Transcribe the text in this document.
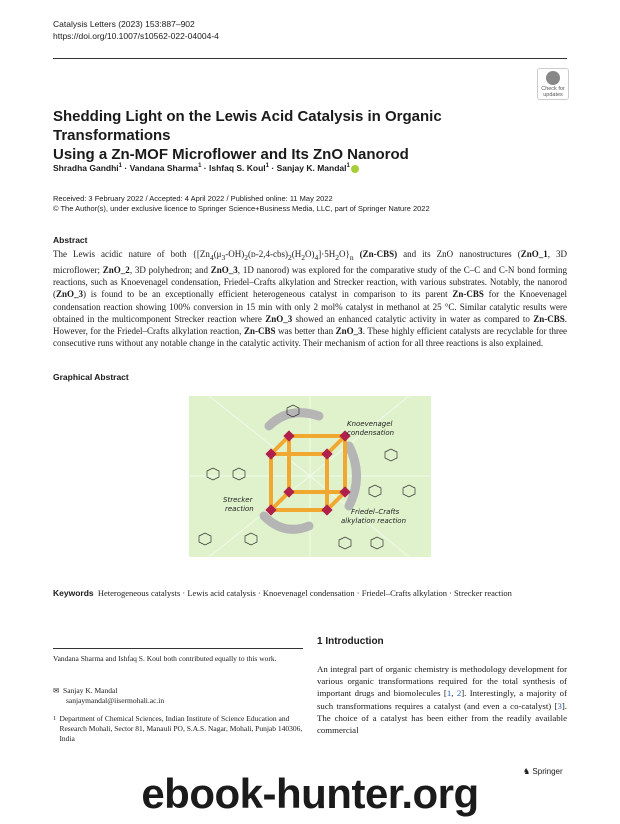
Catalysis Letters (2023) 153:887–902
https://doi.org/10.1007/s10562-022-04004-4
Check for
updates
Shedding Light on the Lewis Acid Catalysis in Organic Transformations
Using a Zn-MOF Microflower and Its ZnO Nanorod
Shradha Gandhi$^1$ · Vandana Sharma$^1$ · Ishfaq S. Koul$^1$ · Sanjay K. Mandal$^1$
Received: 3 February 2022 / Accepted: 4 April 2022 / Published online: 11 May 2022
© The Author(s), under exclusive licence to Springer Science+Business Media, LLC, part of Springer Nature 2022
Abstract
The Lewis acidic nature of both $\{[Zn_4(\mu_3-OH)_2(ᴅ-2,4-cbs)_2(H_2O)_4]\cdot 5H_2O\}_n$ (Zn-CBS) and its ZnO nanostructures (ZnO_1, 3D microflower; ZnO_2, 3D polyhedron; and ZnO_3, 1D nanorod) was explored for the comparative study of the C–C and C-N bond forming reactions, such as Knoevenagel condensation, Friedel–Crafts alkylation and Strecker reaction, with various substrates. Notably, the nanorod (ZnO_3) is found to be an exceptionally efficient heterogeneous catalyst in comparison to its parent Zn-CBS for the Knoevenagel condensation reaction showing 100% conversion in 15 min with only 2 mol% catalyst in methanol at 25 °C. Similar catalytic results were obtained in the multicomponent Strecker reaction where ZnO_3 showed an enhanced catalytic activity in water as compared to Zn-CBS. However, for the Friedel–Crafts alkylation reaction, Zn-CBS was better than ZnO_3. These highly efficient catalysts are recyclable for three consecutive runs without any notable change in the catalytic activity. Their mechanism of action for all three reactions is also explained.
Graphical Abstract
Knoevenagel
condensation
Strecker
reaction	Friedel–Crafts
alkylation reaction
Keywords Heterogeneous catalysts · Lewis acid catalysis · Knoevenagel condensation · Friedel–Crafts alkylation · Strecker reaction
Vandana Sharma and Ishfaq S. Koul both contributed equally to this work.
✉ Sanjay K. Mandal
sanjaymandal@iisermohali.ac.in
1 Department of Chemical Sciences, Indian Institute of Science Education and Research Mohali, Sector 81, Manauli PO, S.A.S. Nagar, Mohali, Punjab 140306, India
1 Introduction
An integral part of organic chemistry is methodology development for various organic transformations required for the total synthesis of important drugs and biomolecules [1, 2]. Interestingly, a majority of such transformations requires a catalyst (and even a co-catalyst) [3]. The choice of a catalyst has been either from the readily available commercial
♞ Springer
ebook-hunter.org
